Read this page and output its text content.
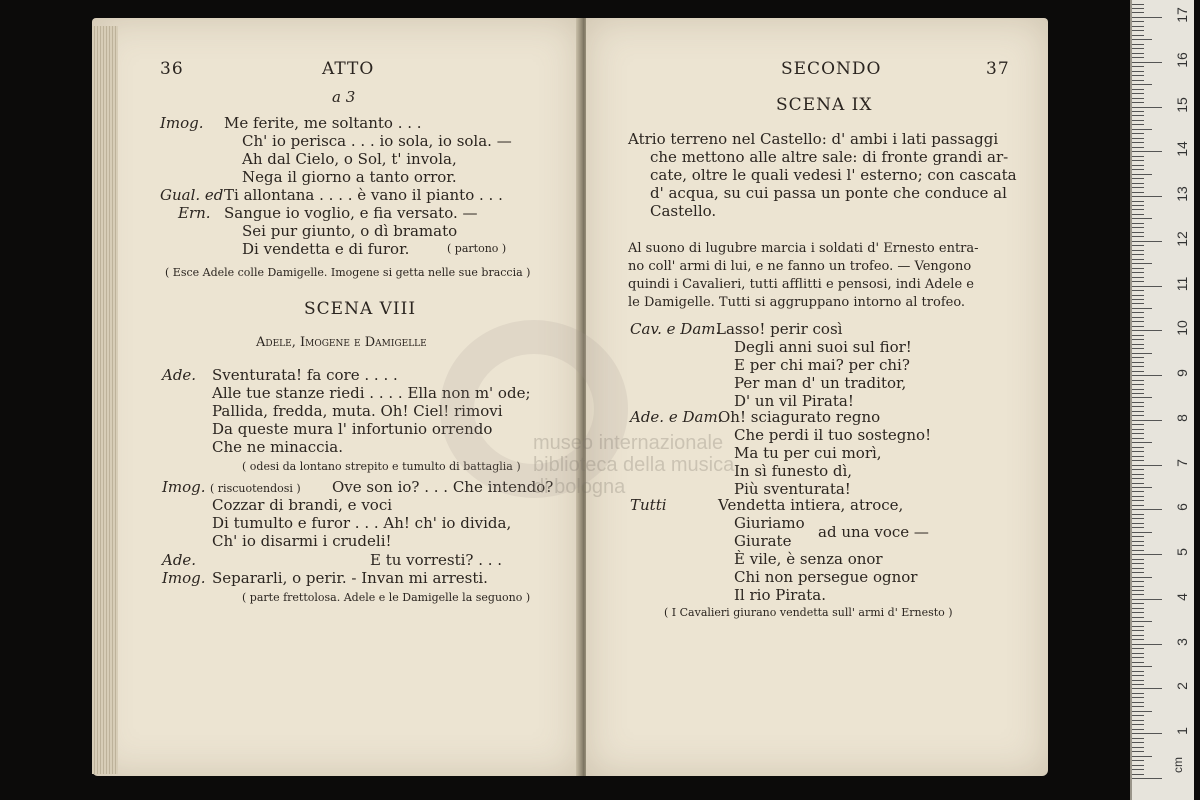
36	ATTO
a 3
Imog. Me ferite, me soltanto . . .
Ch' io perisca . . . io sola, io sola. —
Ah dal Cielo, o Sol, t' invola,
Nega il giorno a tanto orror.
Gual. ed Ti allontana . . . . è vano il pianto . . .
Ern. Sangue io voglio, e fia versato. —
Sei pur giunto, o dì bramato
Di vendetta e di furor.	( partono )
( Esce Adele colle Damigelle. Imogene si getta nelle sue braccia )
SCENA VIII
Adele, Imogene e Damigelle
Ade. Sventurata! fa core . . . .
Alle tue stanze riedi . . . . Ella non m' ode;
Pallida, fredda, muta. Oh! Ciel! rimovi
Da queste mura l' infortunio orrendo
Che ne minaccia.
( odesi da lontano strepito e tumulto di battaglia )
Imog. ( riscuotendosi ) Ove son io? . . . Che intendo?
Cozzar di brandi, e voci
Di tumulto e furor . . . Ah! ch' io divida,
Ch' io disarmi i crudeli!
Ade.	E tu vorresti? . . .
Imog. Separarli, o perir. - Invan mi arresti.
( parte frettolosa. Adele e le Damigelle la seguono )
SECONDO	37
SCENA IX
Atrio terreno nel Castello: d' ambi i lati passaggi
che mettono alle altre sale: di fronte grandi ar-
cate, oltre le quali vedesi l' esterno; con cascata
d' acqua, su cui passa un ponte che conduce al
Castello.
Al suono di lugubre marcia i soldati d' Ernesto entra-
no coll' armi di lui, e ne fanno un trofeo. — Vengono
quindi i Cavalieri, tutti afflitti e pensosi, indi Adele e
le Damigelle. Tutti si aggruppano intorno al trofeo.
Cav. e Dam.
Lasso! perir così
Degli anni suoi sul fior!
E per chi mai? per chi?
Per man d' un traditor,
D' un vil Pirata!
Ade. e Dam.
Oh! sciagurato regno
Che perdi il tuo sostegno!
Ma tu per cui morì,
In sì funesto dì,
Più sventurata!
Tutti	Vendetta intiera, atroce,
Giuriamo
Giurate ad una voce —
È vile, è senza onor
Chi non persegue ognor
Il rio Pirata.
( I Cavalieri giurano vendetta sull' armi d' Ernesto )
museo internazionale
biblioteca della musica
di bologna
cm
1
2
3
4
5
6
7
8
9
10
11
12
13
14
15
16
17
